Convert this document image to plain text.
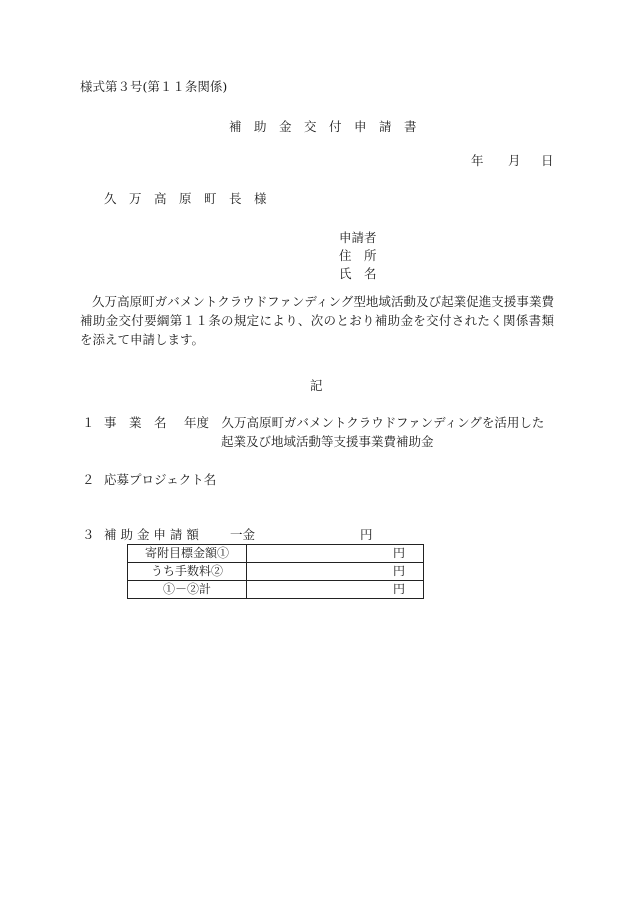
様式第３号(第１１条関係)
補　助　金　交　付　申　請　書
年 月 日
久　万　高　原　町　長 様
申請者
住　所
氏　名
久万高原町ガバメントクラウドファンディング型地域活動及び起業促進支援事業費補助金交付要綱第１１条の規定により、次のとおり補助金を交付されたく関係書類を添えて申請します。
記
１ 事　業　名 年度　久万高原町ガバメントクラウドファンディングを活用した
起業及び地域活動等支援事業費補助金
２ 応募プロジェクト名
３ 補 助 金 申 請 額 一金	円
寄附目標金額①	円
うち手数料②	円
①－②計	円
